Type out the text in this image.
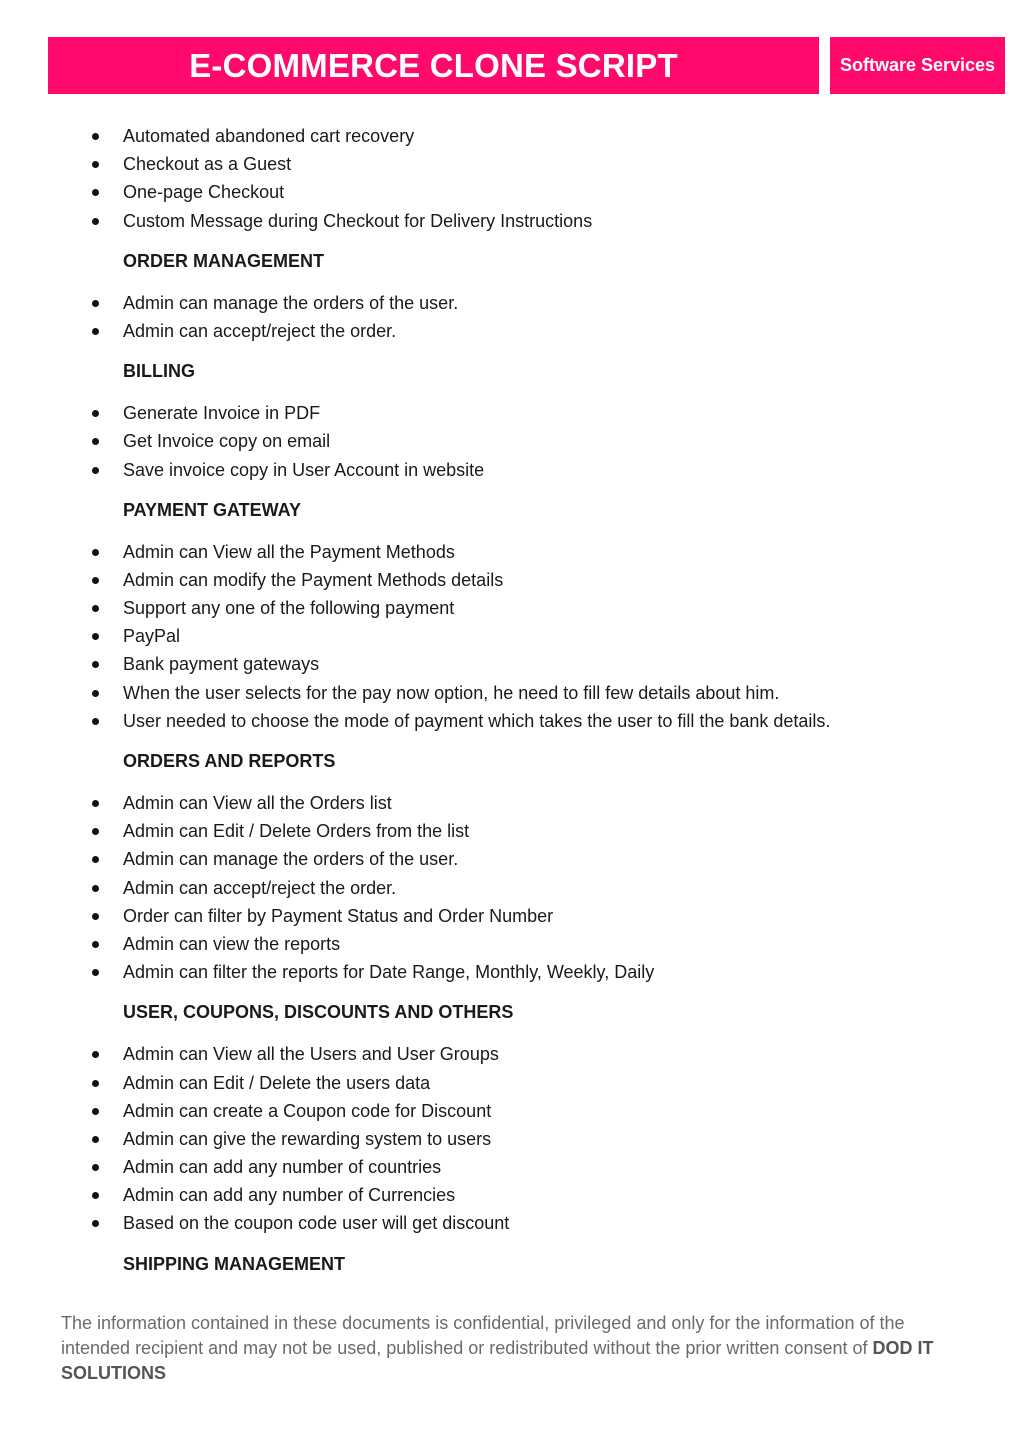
E-COMMERCE CLONE SCRIPT	Software Services
Automated abandoned cart recovery
Checkout as a Guest
One-page Checkout
Custom Message during Checkout for Delivery Instructions
ORDER MANAGEMENT
Admin can manage the orders of the user.
Admin can accept/reject the order.
BILLING
Generate Invoice in PDF
Get Invoice copy on email
Save invoice copy in User Account in website
PAYMENT GATEWAY
Admin can View all the Payment Methods
Admin can modify the Payment Methods details
Support any one of the following payment
PayPal
Bank payment gateways
When the user selects for the pay now option, he need to fill few details about him.
User needed to choose the mode of payment which takes the user to fill the bank details.
ORDERS AND REPORTS
Admin can View all the Orders list
Admin can Edit / Delete Orders from the list
Admin can manage the orders of the user.
Admin can accept/reject the order.
Order can filter by Payment Status and Order Number
Admin can view the reports
Admin can filter the reports for Date Range, Monthly, Weekly, Daily
USER, COUPONS, DISCOUNTS AND OTHERS
Admin can View all the Users and User Groups
Admin can Edit / Delete the users data
Admin can create a Coupon code for Discount
Admin can give the rewarding system to users
Admin can add any number of countries
Admin can add any number of Currencies
Based on the coupon code user will get discount
SHIPPING MANAGEMENT
The information contained in these documents is confidential, privileged and only for the information of the intended recipient and may not be used, published or redistributed without the prior written consent of DOD IT SOLUTIONS
